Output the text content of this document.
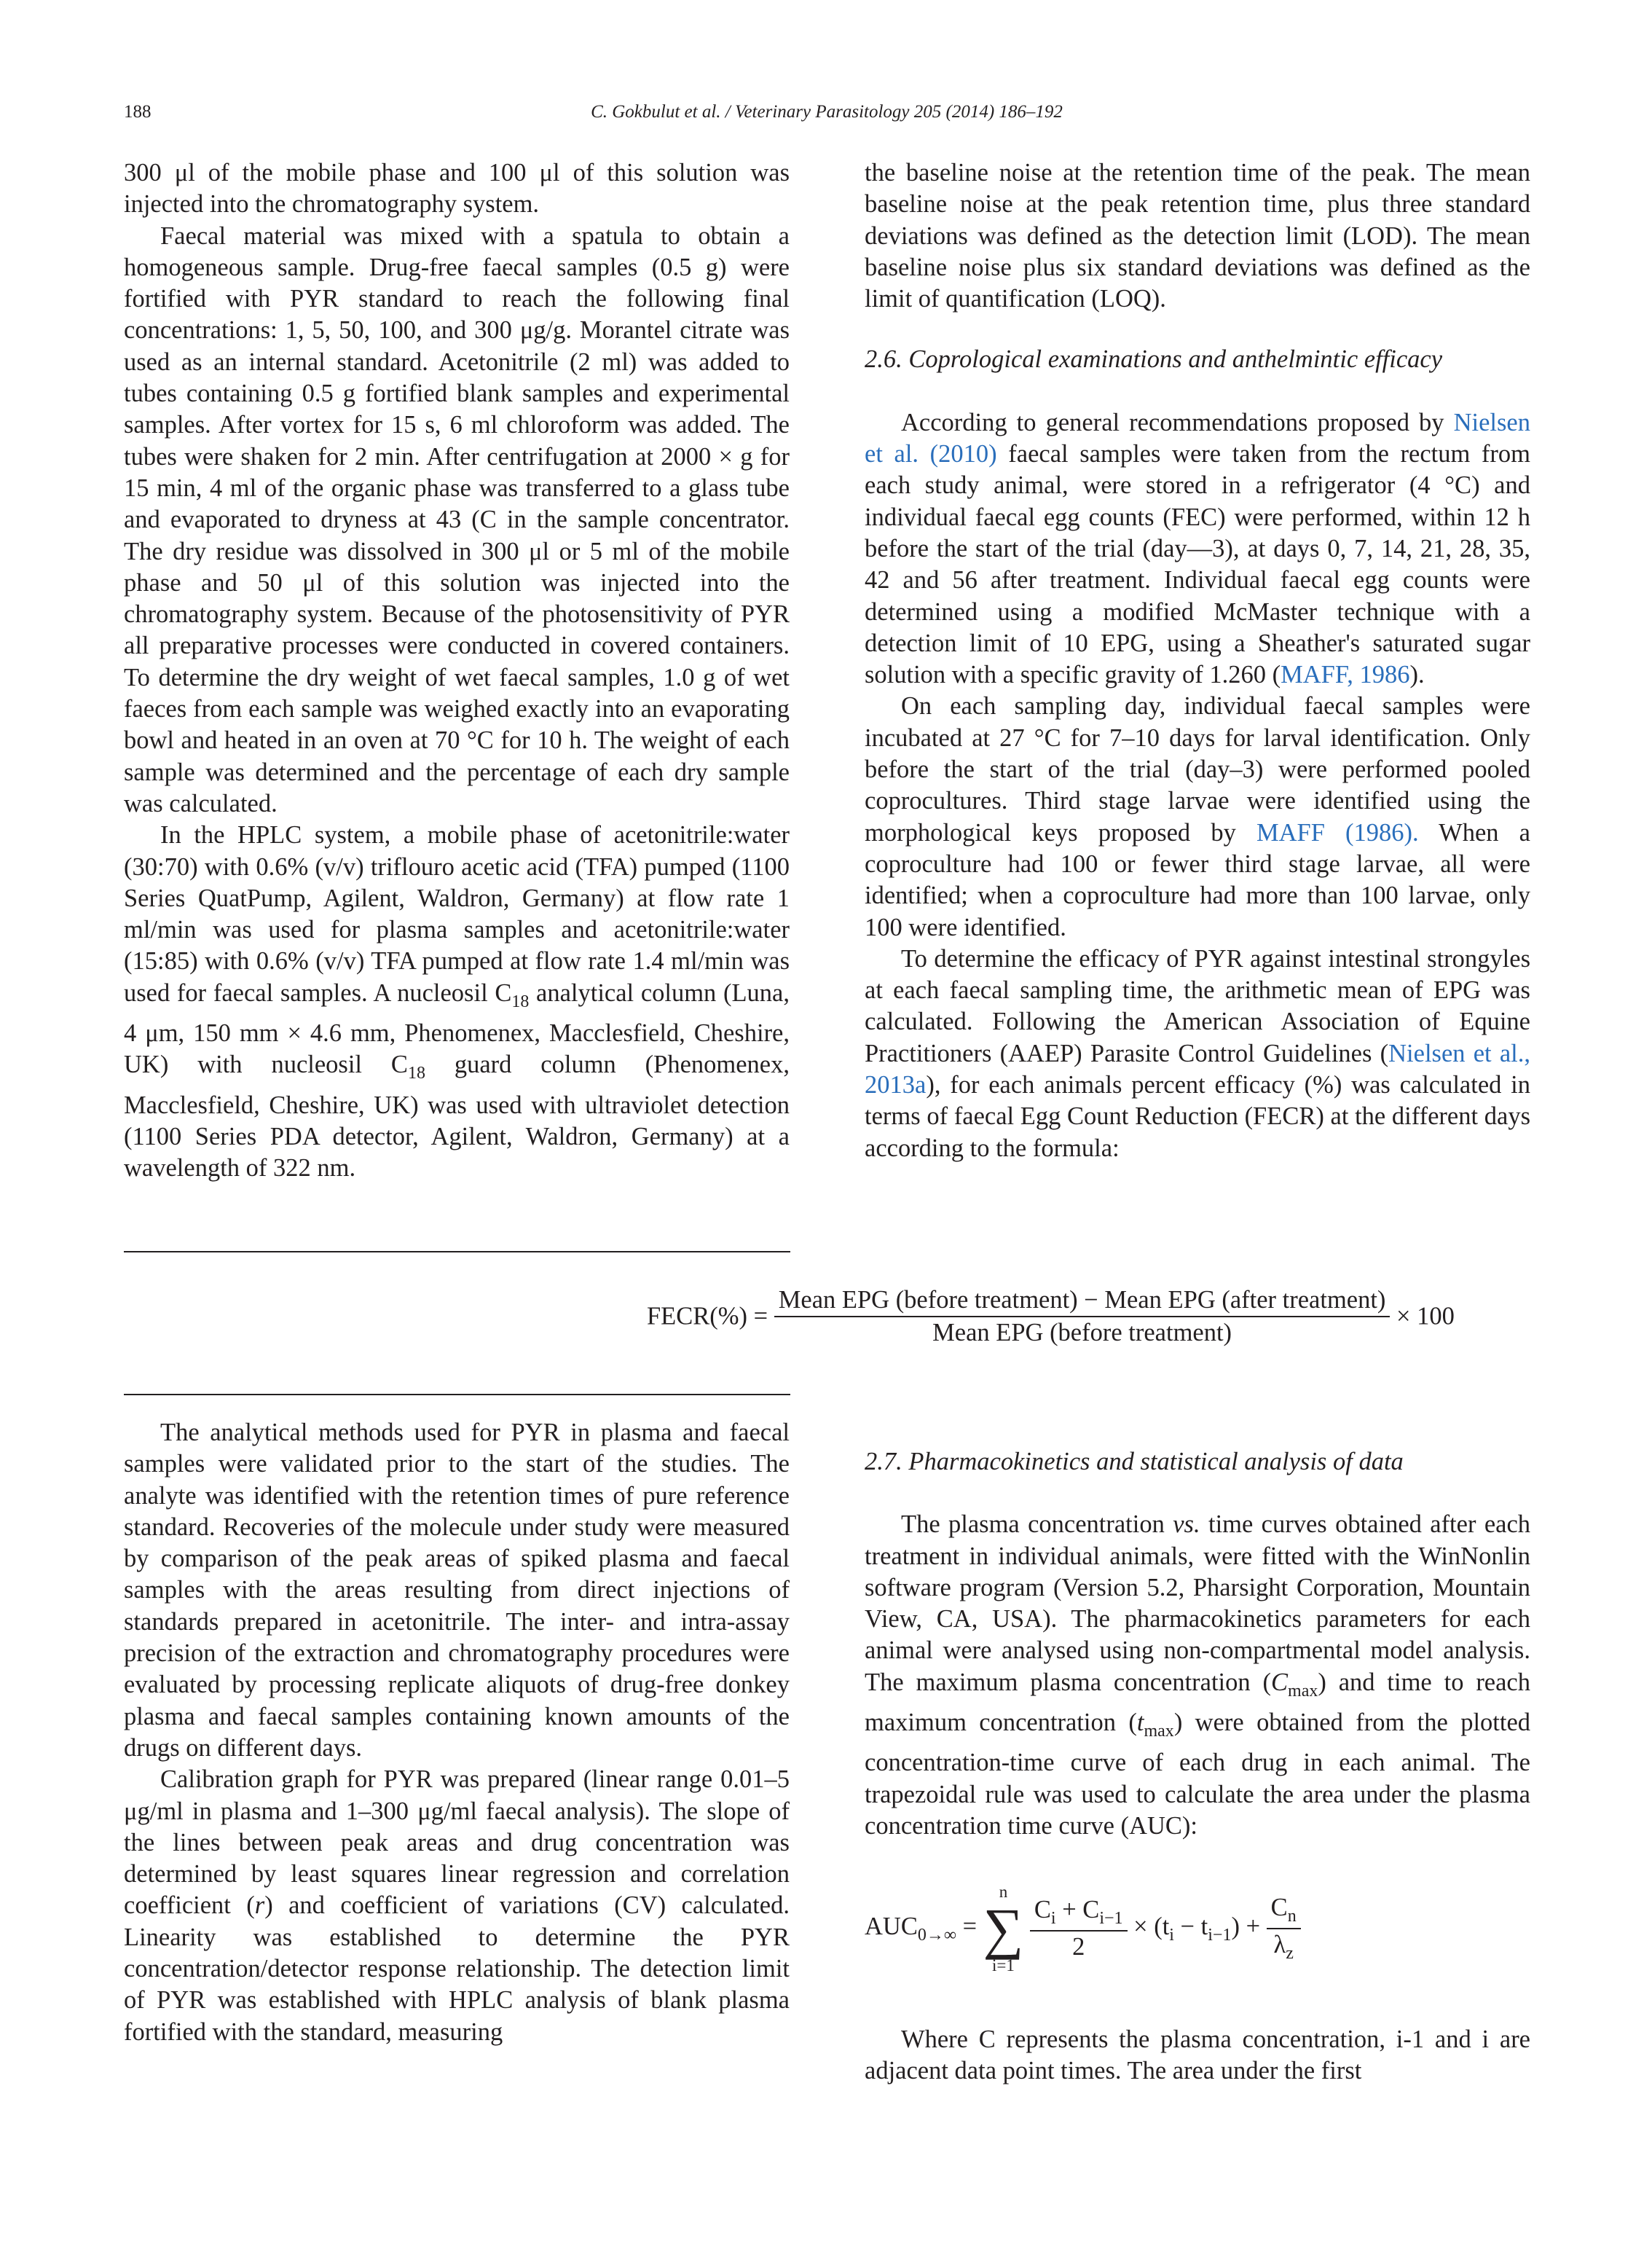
188	C. Gokbulut et al. / Veterinary Parasitology 205 (2014) 186–192

300 μl of the mobile phase and 100 μl of this solution was injected into the chromatography system.

Faecal material was mixed with a spatula to obtain a homogeneous sample. Drug-free faecal samples (0.5 g) were fortified with PYR standard to reach the following final concentrations: 1, 5, 50, 100, and 300 μg/g. Morantel citrate was used as an internal standard. Acetonitrile (2 ml) was added to tubes containing 0.5 g fortified blank samples and experimental samples. After vortex for 15 s, 6 ml chloroform was added. The tubes were shaken for 2 min. After centrifugation at 2000 × g for 15 min, 4 ml of the organic phase was transferred to a glass tube and evaporated to dryness at 43 (C in the sample concentrator. The dry residue was dissolved in 300 μl or 5 ml of the mobile phase and 50 μl of this solution was injected into the chromatography system. Because of the photosensitivity of PYR all preparative processes were conducted in covered containers. To determine the dry weight of wet faecal samples, 1.0 g of wet faeces from each sample was weighed exactly into an evaporating bowl and heated in an oven at 70 °C for 10 h. The weight of each sample was determined and the percentage of each dry sample was calculated.

In the HPLC system, a mobile phase of acetonitrile:water (30:70) with 0.6% (v/v) triflouro acetic acid (TFA) pumped (1100 Series QuatPump, Agilent, Waldron, Germany) at flow rate 1 ml/min was used for plasma samples and acetonitrile:water (15:85) with 0.6% (v/v) TFA pumped at flow rate 1.4 ml/min was used for faecal samples. A nucleosil $C_{18}$ analytical column (Luna, 4 μm, 150 mm × 4.6 mm, Phenomenex, Macclesfield, Cheshire, UK) with nucleosil $C_{18}$ guard column (Phenomenex, Macclesfield, Cheshire, UK) was used with ultraviolet detection (1100 Series PDA detector, Agilent, Waldron, Germany) at a wavelength of 322 nm.

the baseline noise at the retention time of the peak. The mean baseline noise at the peak retention time, plus three standard deviations was defined as the detection limit (LOD). The mean baseline noise plus six standard deviations was defined as the limit of quantification (LOQ).

2.6. Coprological examinations and anthelmintic efficacy

According to general recommendations proposed by Nielsen et al. (2010) faecal samples were taken from the rectum from each study animal, were stored in a refrigerator (4 °C) and individual faecal egg counts (FEC) were performed, within 12 h before the start of the trial (day—3), at days 0, 7, 14, 21, 28, 35, 42 and 56 after treatment. Individual faecal egg counts were determined using a modified McMaster technique with a detection limit of 10 EPG, using a Sheather's saturated sugar solution with a specific gravity of 1.260 (MAFF, 1986).

On each sampling day, individual faecal samples were incubated at 27 °C for 7–10 days for larval identification. Only before the start of the trial (day–3) were performed pooled coprocultures. Third stage larvae were identified using the morphological keys proposed by MAFF (1986). When a coproculture had 100 or fewer third stage larvae, all were identified; when a coproculture had more than 100 larvae, only 100 were identified.

To determine the efficacy of PYR against intestinal strongyles at each faecal sampling time, the arithmetic mean of EPG was calculated. Following the American Association of Equine Practitioners (AAEP) Parasite Control Guidelines (Nielsen et al., 2013a), for each animals percent efficacy (%) was calculated in terms of faecal Egg Count Reduction (FECR) at the different days according to the formula:

FECR(%) = $\frac{\text{Mean EPG (before treatment) − Mean EPG (after treatment)}}{\text{Mean EPG (before treatment)}} \times 100$

The analytical methods used for PYR in plasma and faecal samples were validated prior to the start of the studies. The analyte was identified with the retention times of pure reference standard. Recoveries of the molecule under study were measured by comparison of the peak areas of spiked plasma and faecal samples with the areas resulting from direct injections of standards prepared in acetonitrile. The inter- and intra-assay precision of the extraction and chromatography procedures were evaluated by processing replicate aliquots of drug-free donkey plasma and faecal samples containing known amounts of the drugs on different days.

Calibration graph for PYR was prepared (linear range 0.01–5 μg/ml in plasma and 1–300 μg/ml faecal analysis). The slope of the lines between peak areas and drug concentration was determined by least squares linear regression and correlation coefficient (r) and coefficient of variations (CV) calculated. Linearity was established to determine the PYR concentration/detector response relationship. The detection limit of PYR was established with HPLC analysis of blank plasma fortified with the standard, measuring

2.7. Pharmacokinetics and statistical analysis of data

The plasma concentration vs. time curves obtained after each treatment in individual animals, were fitted with the WinNonlin software program (Version 5.2, Pharsight Corporation, Mountain View, CA, USA). The pharmacokinetics parameters for each animal were analysed using non-compartmental model analysis. The maximum plasma concentration $(C_{max})$ and time to reach maximum concentration $(t_{max})$ were obtained from the plotted concentration-time curve of each drug in each animal. The trapezoidal rule was used to calculate the area under the plasma concentration time curve (AUC):

$AUC_{0\to\infty}$ =
n
∑
i=1

$\frac{C_i + C_{i-1}}{2} \times (t_i - t_{i-1}) + \frac{C_n}{\lambda_z}$

Where C represents the plasma concentration, i-1 and i are adjacent data point times. The area under the first
